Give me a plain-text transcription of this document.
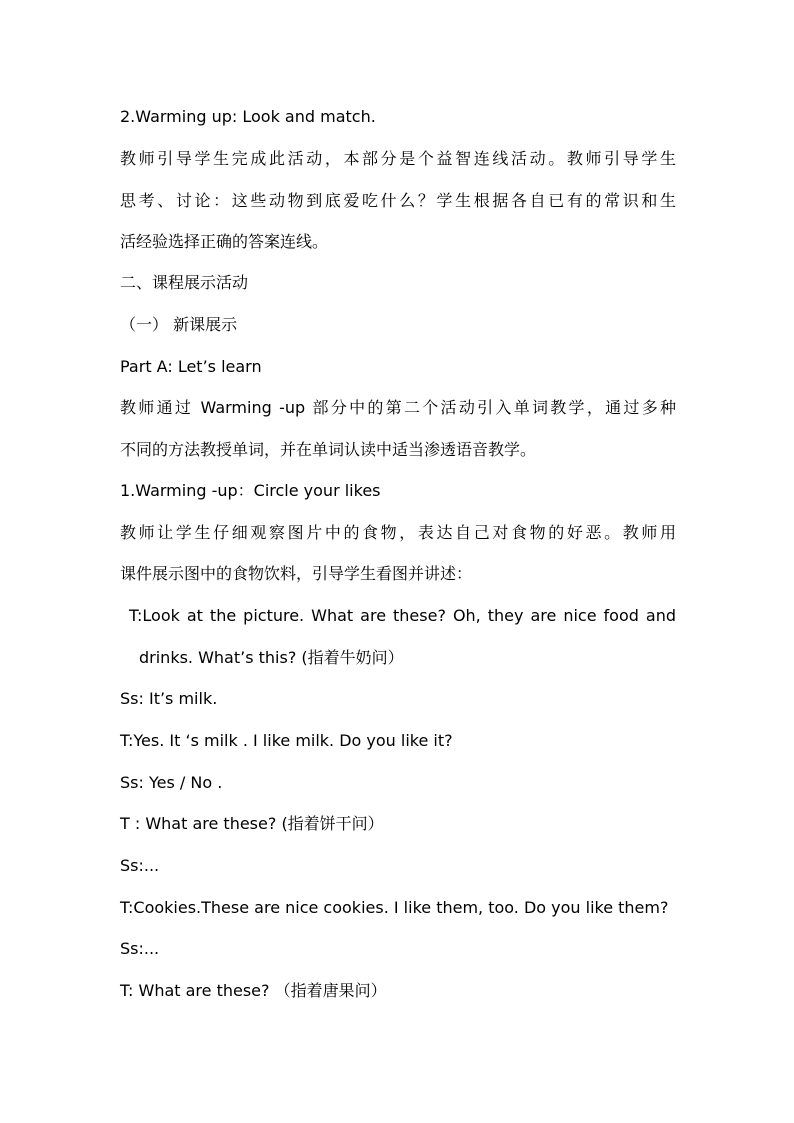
2.Warming up: Look and match.
教师引导学生完成此活动，本部分是个益智连线活动。教师引导学生
思考、讨论：这些动物到底爱吃什么？学生根据各自已有的常识和生
活经验选择正确的答案连线。
二、课程展示活动
（一） 新课展示
Part A: Let’s learn
教师通过 Warming -up 部分中的第二个活动引入单词教学，通过多种
不同的方法教授单词，并在单词认读中适当渗透语音教学。
1.Warming -up：Circle your likes
教师让学生仔细观察图片中的食物，表达自己对食物的好恶。教师用
课件展示图中的食物饮料，引导学生看图并讲述：
T:Look at the picture. What are these? Oh, they are nice food and
drinks. What’s this? (指着牛奶问）
Ss: It’s milk.
T:Yes. It ‘s milk . I like milk. Do you like it?
Ss: Yes / No .
T : What are these? (指着饼干问）
Ss:...
T:Cookies.These are nice cookies. I like them, too. Do you like them?
Ss:...
T: What are these? （指着唐果问）
